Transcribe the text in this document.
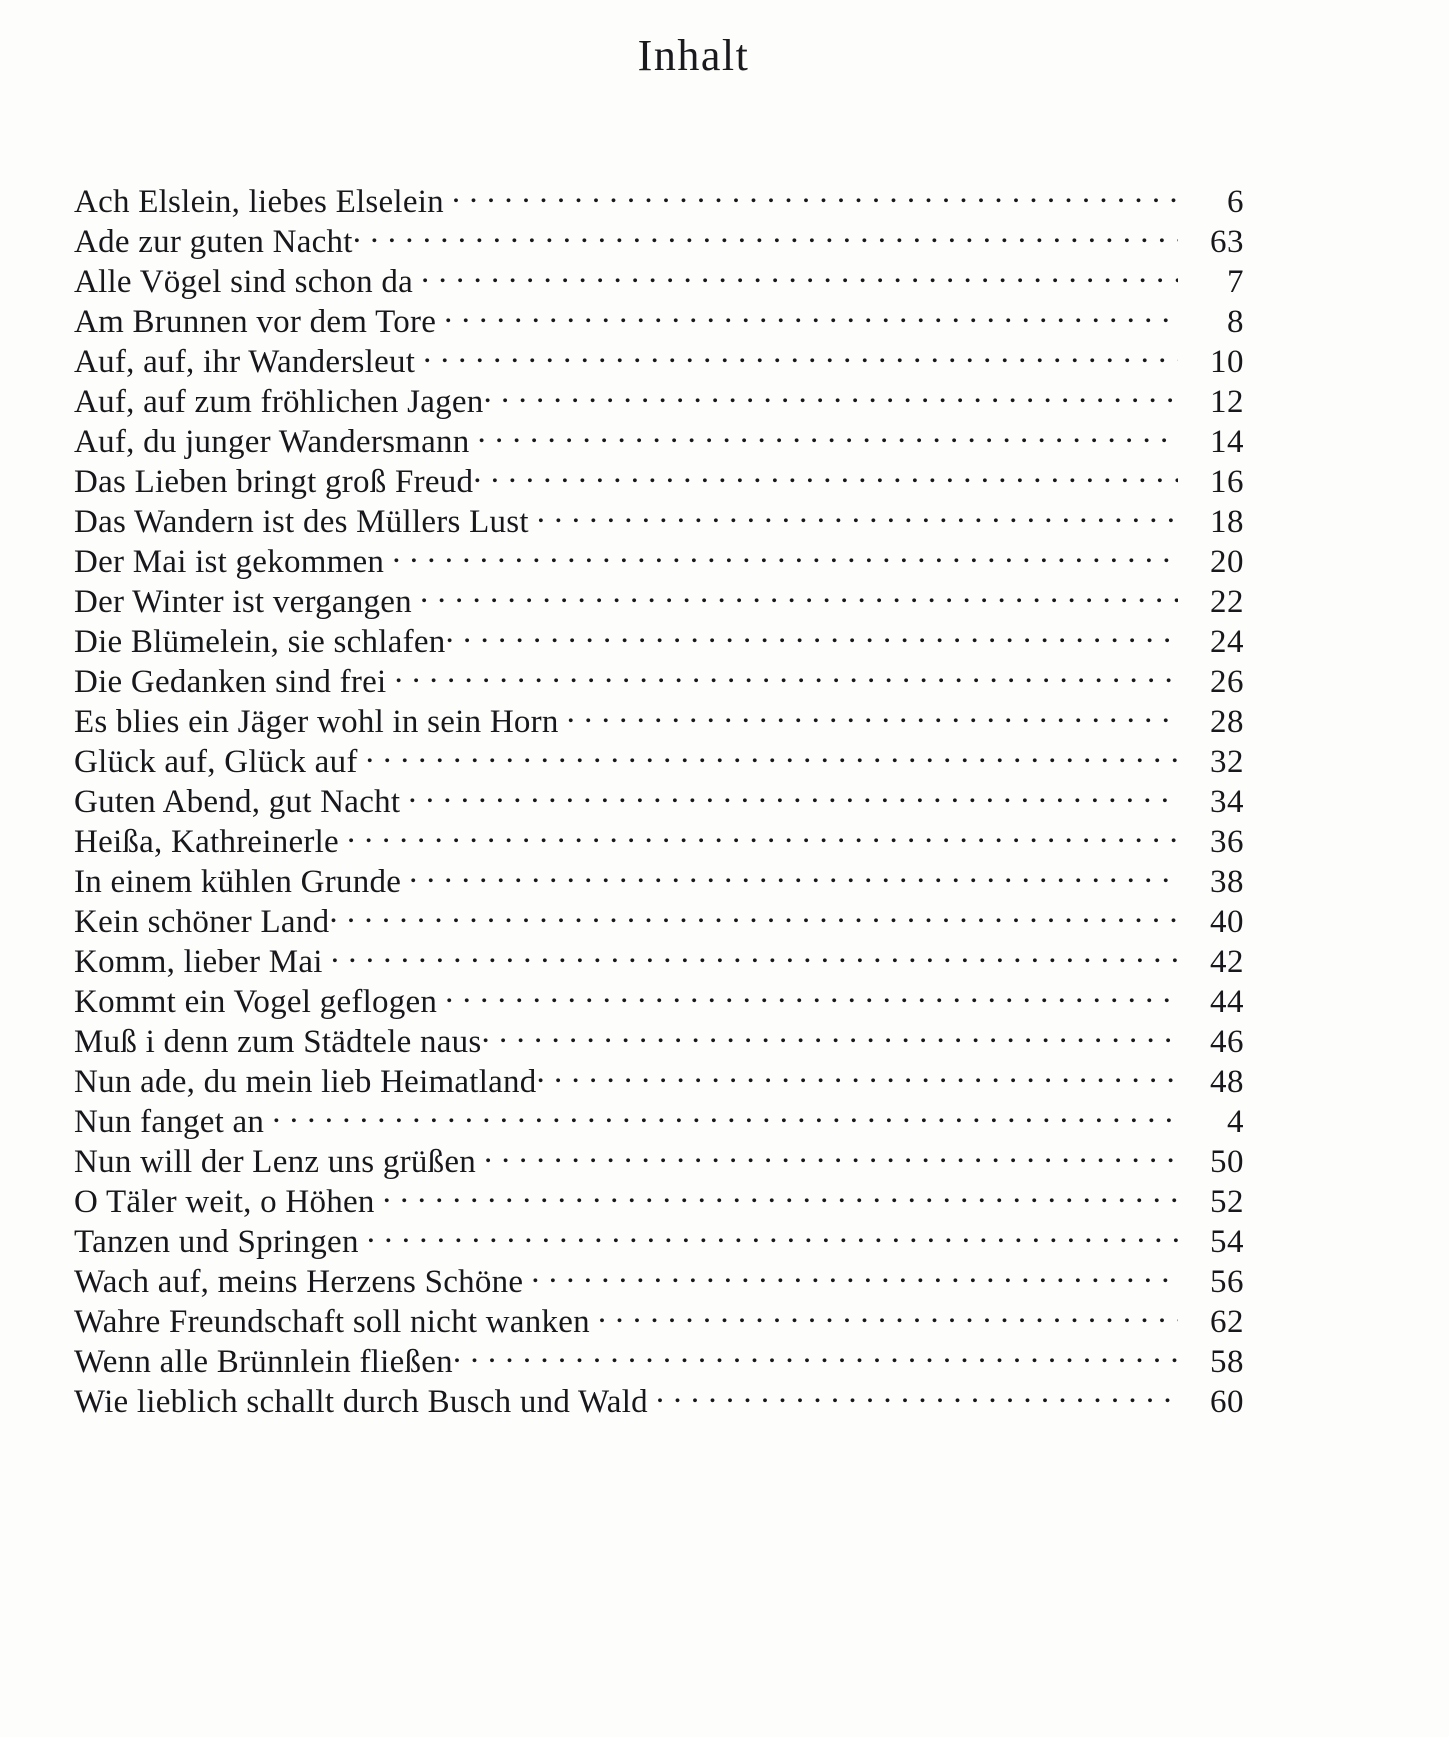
Inhalt
Ach Elslein, liebes Elselein . . .	6
Ade zur guten Nacht . . .	63
Alle Vögel sind schon da . . .	7
Am Brunnen vor dem Tore . . .	8
Auf, auf, ihr Wandersleut . . .	10
Auf, auf zum fröhlichen Jagen . . .	12
Auf, du junger Wandersmann . . .	14
Das Lieben bringt groß Freud . . .	16
Das Wandern ist des Müllers Lust . . .	18
Der Mai ist gekommen . . .	20
Der Winter ist vergangen . . .	22
Die Blümelein, sie schlafen . . .	24
Die Gedanken sind frei . . .	26
Es blies ein Jäger wohl in sein Horn . . .	28
Glück auf, Glück auf . . .	32
Guten Abend, gut Nacht . . .	34
Heißa, Kathreinerle . . .	36
In einem kühlen Grunde . . .	38
Kein schöner Land . . .	40
Komm, lieber Mai . . .	42
Kommt ein Vogel geflogen . . .	44
Muß i denn zum Städtele naus . . .	46
Nun ade, du mein lieb Heimatland . . .	48
Nun fanget an . . .	4
Nun will der Lenz uns grüßen . . .	50
O Täler weit, o Höhen . . .	52
Tanzen und Springen . . .	54
Wach auf, meins Herzens Schöne . . .	56
Wahre Freundschaft soll nicht wanken . . .	62
Wenn alle Brünnlein fließen . . .	58
Wie lieblich schallt durch Busch und Wald . . .	60
